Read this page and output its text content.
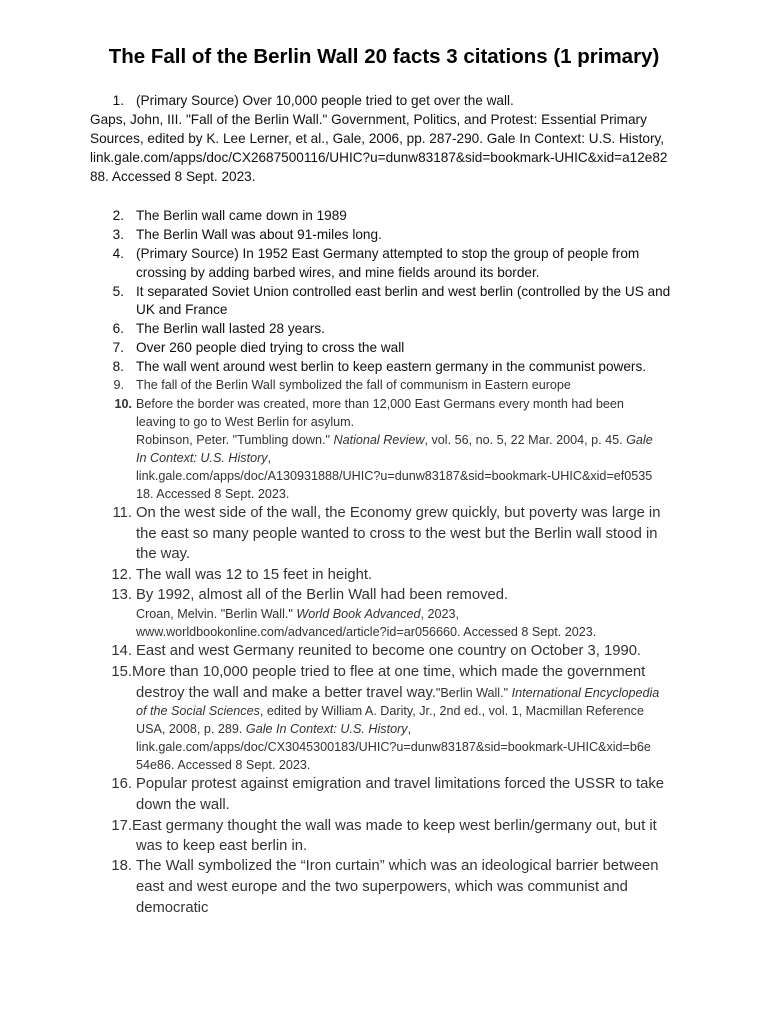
The Fall of the Berlin Wall 20 facts 3 citations (1 primary)
1. (Primary Source) Over 10,000 people tried to get over the wall.
Gaps, John, III. "Fall of the Berlin Wall." Government, Politics, and Protest: Essential Primary
Sources, edited by K. Lee Lerner, et al., Gale, 2006, pp. 287-290. Gale In Context: U.S. History,
link.gale.com/apps/doc/CX2687500116/UHIC?u=dunw83187&sid=bookmark-UHIC&xid=a12e82
88. Accessed 8 Sept. 2023.
2. The Berlin wall came down in 1989
3. The Berlin Wall was about 91-miles long.
4. (Primary Source) In 1952 East Germany attempted to stop the group of people from
crossing by adding barbed wires, and mine fields around its border.
5. It separated Soviet Union controlled east berlin and west berlin (controlled by the US and
UK and France
6. The Berlin wall lasted 28 years.
7. Over 260 people died trying to cross the wall
8. The wall went around west berlin to keep eastern germany in the communist powers.
9. The fall of the Berlin Wall symbolized the fall of communism in Eastern europe
10. Before the border was created, more than 12,000 East Germans every month had been
leaving to go to West Berlin for asylum.
Robinson, Peter. "Tumbling down." National Review, vol. 56, no. 5, 22 Mar. 2004, p. 45. Gale
In Context: U.S. History,
link.gale.com/apps/doc/A130931888/UHIC?u=dunw83187&sid=bookmark-UHIC&xid=ef0535
18. Accessed 8 Sept. 2023.
11. On the west side of the wall, the Economy grew quickly, but poverty was large in
the east so many people wanted to cross to the west but the Berlin wall stood in
the way.
12. The wall was 12 to 15 feet in height.
13. By 1992, almost all of the Berlin Wall had been removed.
Croan, Melvin. "Berlin Wall." World Book Advanced, 2023,
www.worldbookonline.com/advanced/article?id=ar056660. Accessed 8 Sept. 2023.
14. East and west Germany reunited to become one country on October 3, 1990.
15. More than 10,000 people tried to flee at one time, which made the government
destroy the wall and make a better travel way."Berlin Wall." International Encyclopedia
of the Social Sciences, edited by William A. Darity, Jr., 2nd ed., vol. 1, Macmillan Reference
USA, 2008, p. 289. Gale In Context: U.S. History,
link.gale.com/apps/doc/CX3045300183/UHIC?u=dunw83187&sid=bookmark-UHIC&xid=b6e
54e86. Accessed 8 Sept. 2023.
16. Popular protest against emigration and travel limitations forced the USSR to take
down the wall.
17. East germany thought the wall was made to keep west berlin/germany out, but it
was to keep east berlin in.
18. The Wall symbolized the “Iron curtain” which was an ideological barrier between
east and west europe and the two superpowers, which was communist and
democratic
